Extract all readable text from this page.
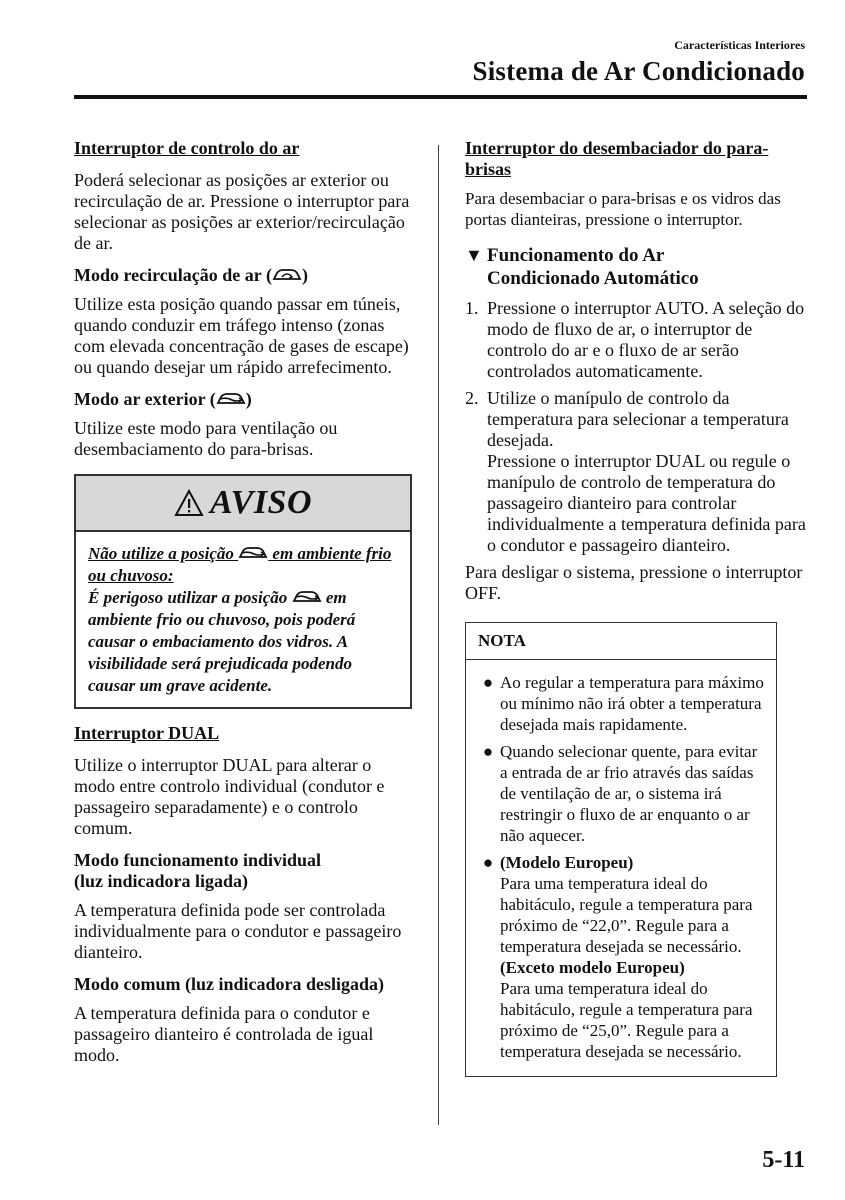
Características Interiores
Sistema de Ar Condicionado

Interruptor de controlo do ar

Poderá selecionar as posições ar exterior ou recirculação de ar. Pressione o interruptor para selecionar as posições ar exterior/recirculação de ar.

Modo recirculação de ar ( )

Utilize esta posição quando passar em túneis, quando conduzir em tráfego intenso (zonas com elevada concentração de gases de escape) ou quando desejar um rápido arrefecimento.

Modo ar exterior ( )

Utilize este modo para ventilação ou desembaciamento do para-brisas.

AVISO

Não utilize a posição  em ambiente frio ou chuvoso:

É perigoso utilizar a posição  em ambiente frio ou chuvoso, pois poderá causar o embaciamento dos vidros. A visibilidade será prejudicada podendo causar um grave acidente.

Interruptor DUAL

Utilize o interruptor DUAL para alterar o modo entre controlo individual (condutor e passageiro separadamente) e o controlo comum.

Modo funcionamento individual
(luz indicadora ligada)

A temperatura definida pode ser controlada individualmente para o condutor e passageiro dianteiro.

Modo comum (luz indicadora desligada)

A temperatura definida para o condutor e passageiro dianteiro é controlada de igual modo.

Interruptor do desembaciador do para-brisas

Para desembaciar o para-brisas e os vidros das portas dianteiras, pressione o interruptor.

▼ Funcionamento do Ar
Condicionado Automático
1. Pressione o interruptor AUTO. A seleção do modo de fluxo de ar, o interruptor de controlo do ar e o fluxo de ar serão controlados automaticamente.
2. Utilize o manípulo de controlo da temperatura para selecionar a temperatura desejada.
Pressione o interruptor DUAL ou regule o manípulo de controlo de temperatura do passageiro dianteiro para controlar individualmente a temperatura definida para o condutor e passageiro dianteiro.

Para desligar o sistema, pressione o interruptor OFF.

NOTA
● Ao regular a temperatura para máximo ou mínimo não irá obter a temperatura desejada mais rapidamente.
● Quando selecionar quente, para evitar a entrada de ar frio através das saídas de ventilação de ar, o sistema irá restringir o fluxo de ar enquanto o ar não aquecer.
● (Modelo Europeu)
Para uma temperatura ideal do habitáculo, regule a temperatura para próximo de “22,0”. Regule para a temperatura desejada se necessário.
(Exceto modelo Europeu)
Para uma temperatura ideal do habitáculo, regule a temperatura para próximo de “25,0”. Regule para a temperatura desejada se necessário.
5-11
